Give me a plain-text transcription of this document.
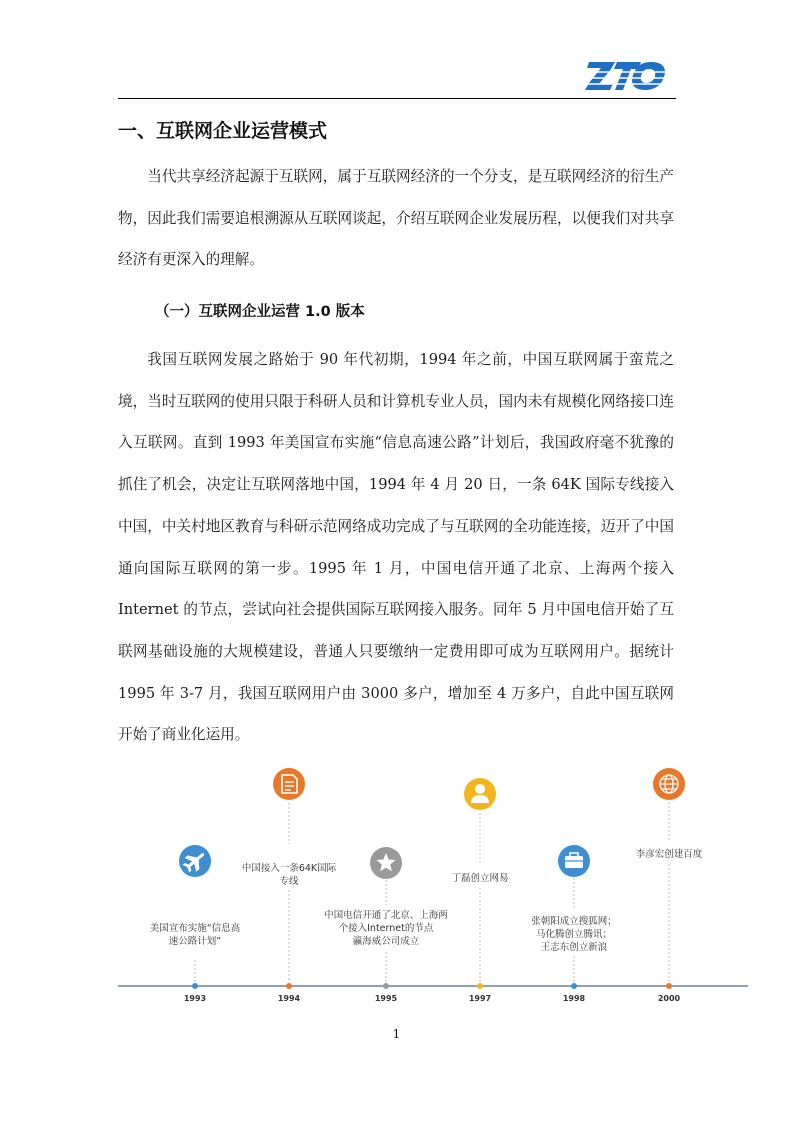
一、互联网企业运营模式

当代共享经济起源于互联网，属于互联网经济的一个分支，是互联网经济的衍生产物，因此我们需要追根溯源从互联网谈起，介绍互联网企业发展历程，以便我们对共享经济有更深入的理解。

（一）互联网企业运营 1.0 版本

我国互联网发展之路始于 90 年代初期，1994 年之前，中国互联网属于蛮荒之境，当时互联网的使用只限于科研人员和计算机专业人员，国内未有规模化网络接口连入互联网。直到 1993 年美国宣布实施“信息高速公路”计划后，我国政府毫不犹豫的抓住了机会，决定让互联网落地中国，1994 年 4 月 20 日，一条 64K 国际专线接入中国，中关村地区教育与科研示范网络成功完成了与互联网的全功能连接，迈开了中国通向国际互联网的第一步。1995 年 1 月，中国电信开通了北京、上海两个接入 Internet 的节点，尝试向社会提供国际互联网接入服务。同年 5 月中国电信开始了互联网基础设施的大规模建设，普通人只要缴纳一定费用即可成为互联网用户。据统计 1995 年 3-7 月，我国互联网用户由 3000 多户，增加至 4 万多户，自此中国互联网开始了商业化运用。

美国宣布实施“信息高
速公路计划”
中国接入一条64K国际
专线
中国电信开通了北京、上海两
个接入Internet的节点
瀛海威公司成立
丁磊创立网易
张朝阳成立搜狐网；
马化腾创立腾讯；
王志东创立新浪
李彦宏创建百度
1993	1994	1995	1997	1998	2000
1
